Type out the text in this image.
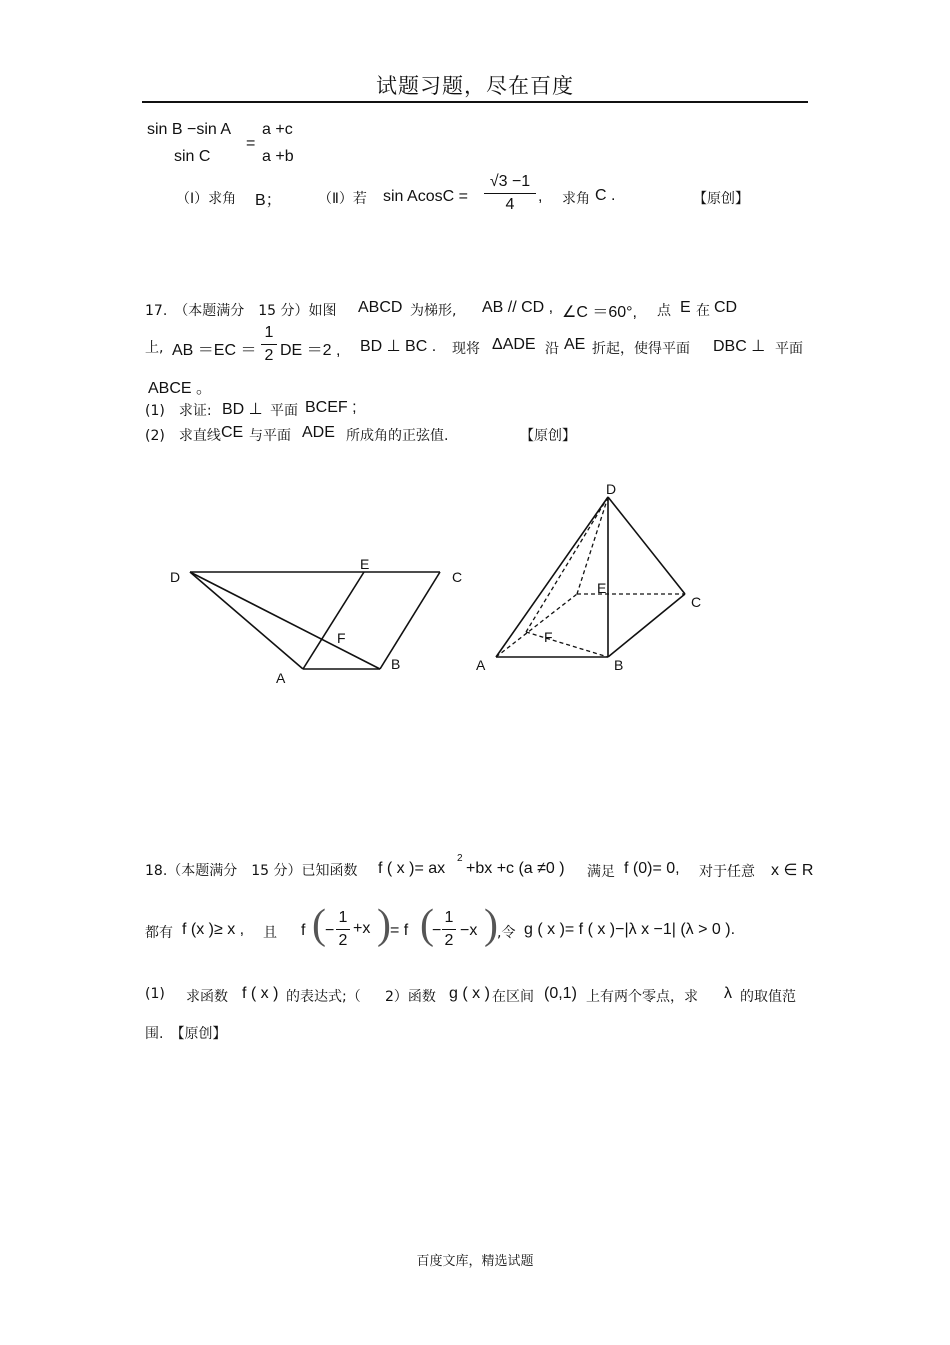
试题习题，尽在百度
sin B −sin A
sin C
=
a +c
a +b
（Ⅰ）求角 B；	（Ⅱ）若 sin AcosC =
√3 −1
4	, 求角 C .	【原创】
17.　（本题满分　15 分）如图 ABCD 为梯形, AB // CD , ∠C ＝60°, 点 E 在 CD
上, AB ＝EC ＝
1
2 DE ＝2 , BD ⊥ BC . 现将 ΔADE 沿 AE 折起，使得平面 DBC ⊥ 平面
ABCE 。
(1)　求证: BD ⊥ 平面 BCEF ;
(2)　求直线 CE 与平面 ADE 所成角的正弦值.	【原创】
D
E
C
F
A
B
D
E
C
F
A	B
18.（本题满分　15 分）已知函数 f ( x )= ax
2
+bx +c (a ≠0 ) 满足 f (0)= 0, 对于任意 x ∈ R
都有 f (x )≥ x , 且 f ( −
1
2
+x ) = f (
−
1
2
−x ) ,令 g ( x )= f ( x )−|λ x −1| (λ > 0 ).
(1) 求函数 f ( x ) 的表达式;（ 2）函数 g ( x ) 在区间 (0,1) 上有两个零点，求 λ 的取值范
围.　【原创】
百度文库，精选试题
